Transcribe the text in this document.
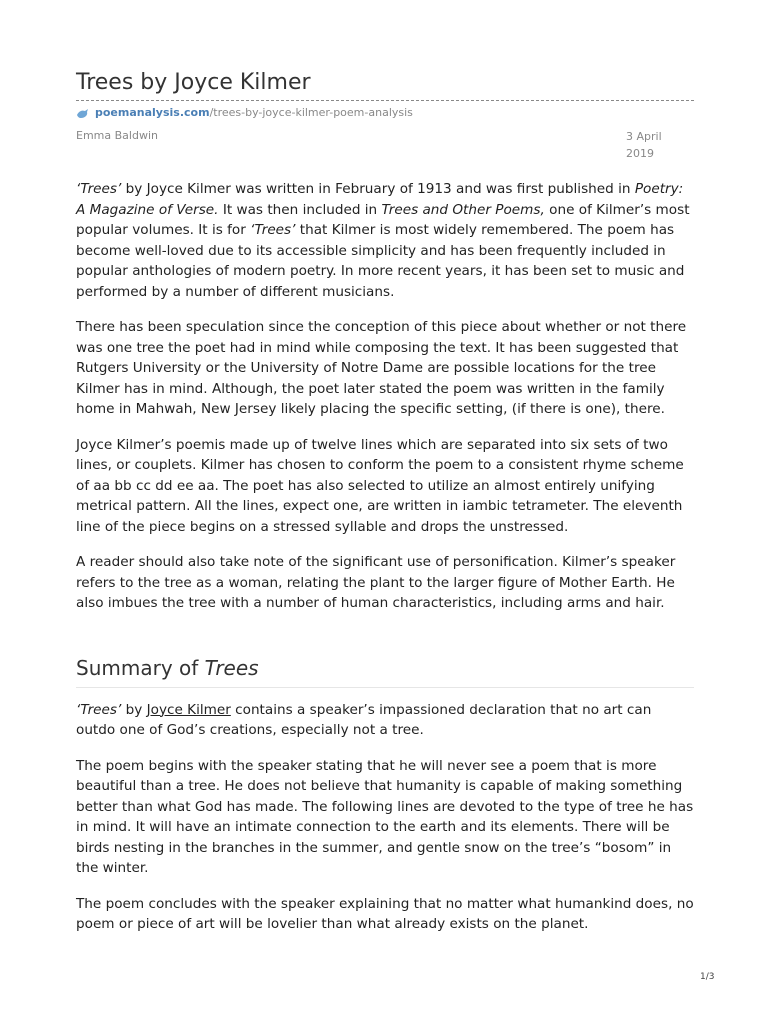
Trees by Joyce Kilmer
poemanalysis.com /trees-by-joyce-kilmer-poem-analysis
Emma Baldwin	3 April
2019

‘Trees’ by Joyce Kilmer was written in February of 1913 and was first published in Poetry: A Magazine of Verse. It was then included in Trees and Other Poems, one of Kilmer’s most popular volumes. It is for ‘Trees’ that Kilmer is most widely remembered. The poem has become well-loved due to its accessible simplicity and has been frequently included in popular anthologies of modern poetry. In more recent years, it has been set to music and performed by a number of different musicians.

There has been speculation since the conception of this piece about whether or not there was one tree the poet had in mind while composing the text. It has been suggested that Rutgers University or the University of Notre Dame are possible locations for the tree Kilmer has in mind. Although, the poet later stated the poem was written in the family home in Mahwah, New Jersey likely placing the specific setting, (if there is one), there.

Joyce Kilmer’s poemis made up of twelve lines which are separated into six sets of two lines, or couplets. Kilmer has chosen to conform the poem to a consistent rhyme scheme of aa bb cc dd ee aa. The poet has also selected to utilize an almost entirely unifying metrical pattern. All the lines, expect one, are written in iambic tetrameter. The eleventh line of the piece begins on a stressed syllable and drops the unstressed.

A reader should also take note of the significant use of personification. Kilmer’s speaker refers to the tree as a woman, relating the plant to the larger figure of Mother Earth. He also imbues the tree with a number of human characteristics, including arms and hair.

Summary of Trees

‘Trees’ by Joyce Kilmer contains a speaker’s impassioned declaration that no art can outdo one of God’s creations, especially not a tree.

The poem begins with the speaker stating that he will never see a poem that is more beautiful than a tree. He does not believe that humanity is capable of making something better than what God has made. The following lines are devoted to the type of tree he has in mind. It will have an intimate connection to the earth and its elements. There will be birds nesting in the branches in the summer, and gentle snow on the tree’s “bosom” in the winter.

The poem concludes with the speaker explaining that no matter what humankind does, no poem or piece of art will be lovelier than what already exists on the planet.

1/3
